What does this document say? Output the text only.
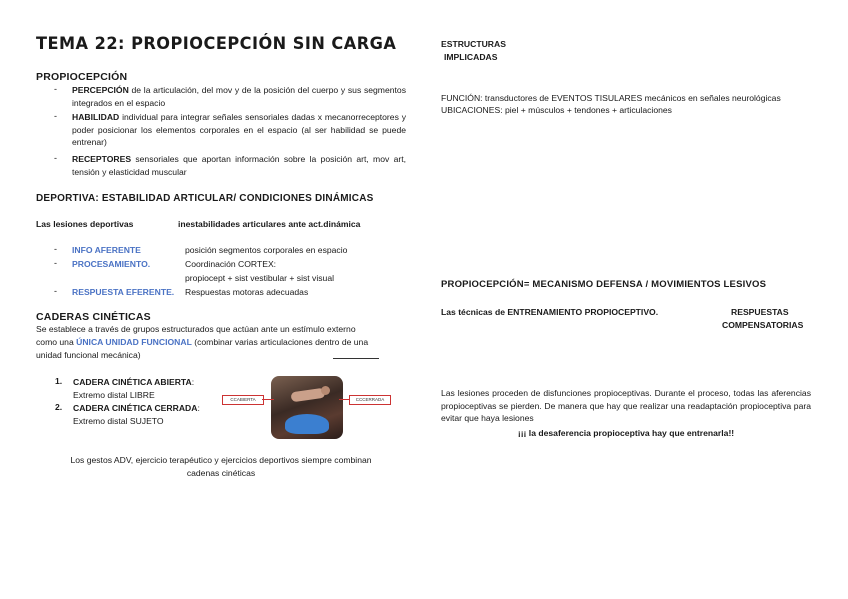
TEMA 22: PROPIOCEPCIÓN SIN CARGA
PROPIOCEPCIÓN
- PERCEPCIÓN de la articulación, del mov y de la posición del cuerpo y sus segmentos integrados en el espacio
- HABILIDAD individual para integrar señales sensoriales dadas x mecanorreceptores y poder posicionar los elementos corporales en el espacio (al ser habilidad se puede entrenar)
- RECEPTORES sensoriales que aportan información sobre la posición art, mov art, tensión y elasticidad muscular
DEPORTIVA: ESTABILIDAD ARTICULAR/ CONDICIONES DINÁMICAS
Las lesiones deportivas	inestabilidades articulares ante act.dinámica
- INFO AFERENTE	posición segmentos corporales en espacio
- PROCESAMIENTO.	Coordinación CORTEX:
propiocept + sist vestibular + sist visual
- RESPUESTA EFERENTE. Respuestas motoras adecuadas
CADERAS CINÉTICAS
Se establece a través de grupos estructurados que actúan ante un estímulo externo
como una ÚNICA UNIDAD FUNCIONAL (combinar varias articulaciones dentro de una
unidad funcional mecánica)
1. CADERA CINÉTICA ABIERTA:
Extremo distal LIBRE
2. CADERA CINÉTICA CERRADA:
Extremo distal SUJETO
CCABIERTA	CCCERRADA
Los gestos ADV, ejercicio terapéutico y ejercicios deportivos siempre combinan
cadenas cinéticas
ESTRUCTURAS
IMPLICADAS
FUNCIÓN: transductores de EVENTOS TISULARES mecánicos en señales neurológicas
UBICACIONES: piel + músculos + tendones + articulaciones
PROPIOCEPCIÓN= MECANISMO DEFENSA / MOVIMIENTOS LESIVOS
Las técnicas de ENTRENAMIENTO PROPIOCEPTIVO.	RESPUESTAS
COMPENSATORIAS
Las lesiones proceden de disfunciones propioceptivas. Durante el proceso, todas las aferencias propioceptivas se pierden. De manera que hay que realizar una readaptación propioceptiva para evitar que haya lesiones
¡¡¡ la desaferencia propioceptiva hay que entrenarla!!
